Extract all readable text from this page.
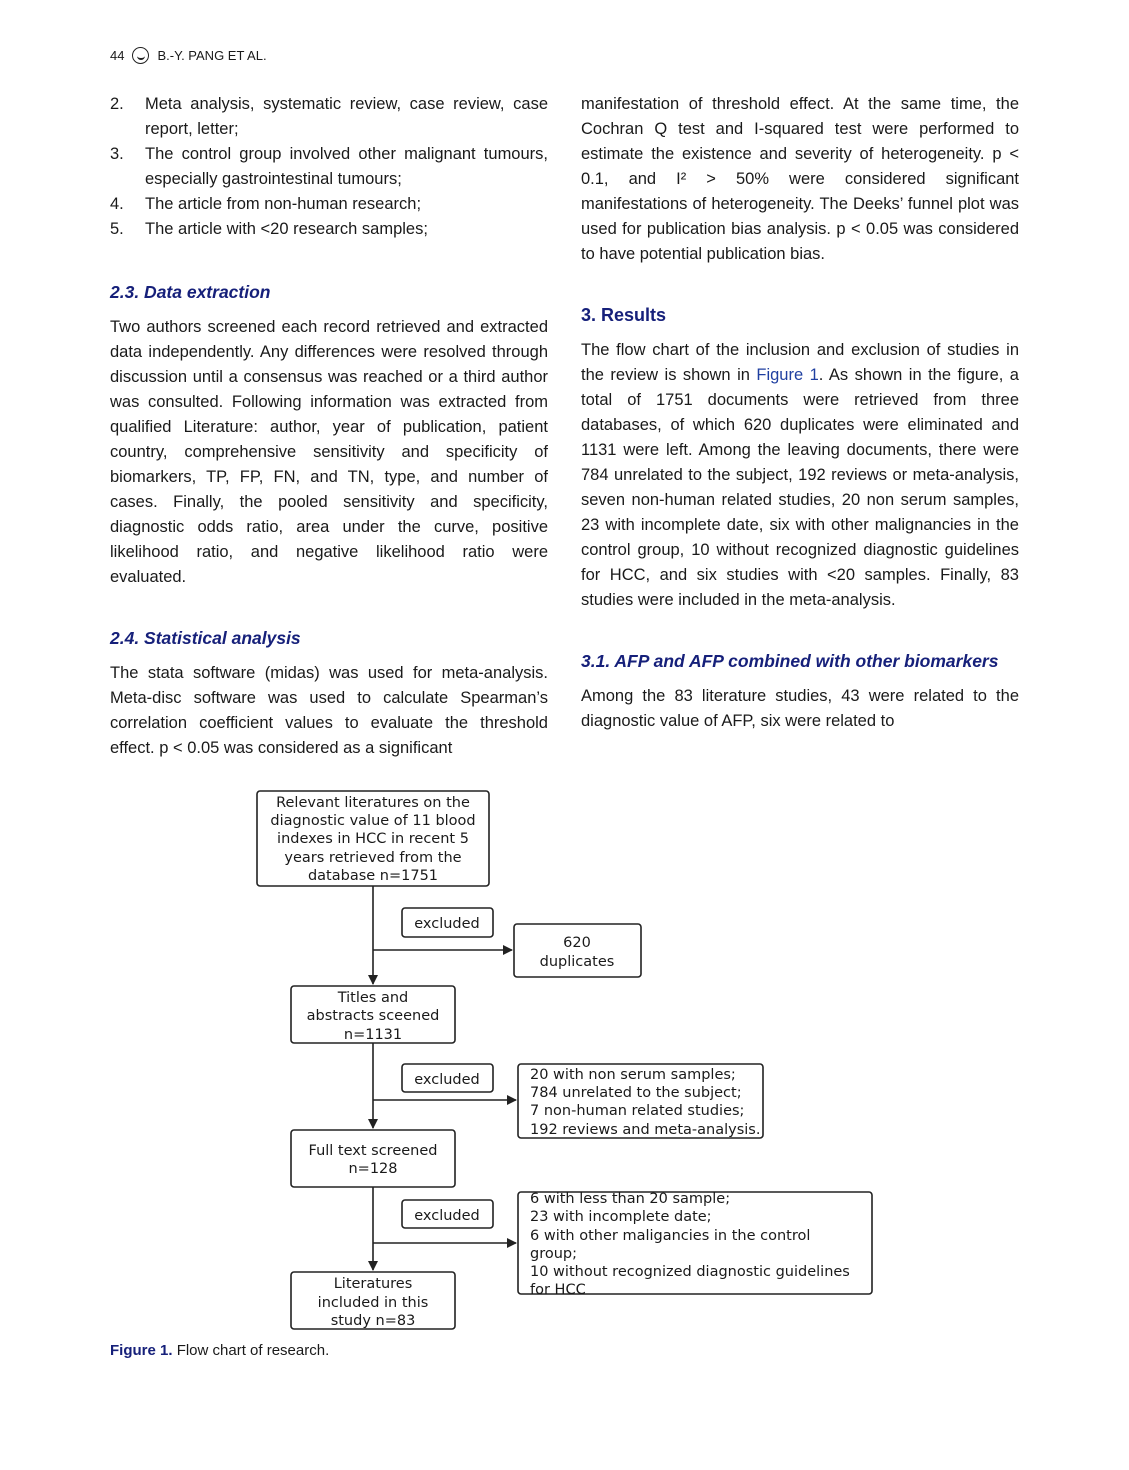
44	B.-Y. PANG ET AL.
2.	Meta analysis, systematic review, case review, case report, letter;
3.	The control group involved other malignant tumours, especially gastrointestinal tumours;
4.	The article from non-human research;
5.	The article with <20 research samples;
2.3. Data extraction

Two authors screened each record retrieved and extracted data independently. Any differences were resolved through discussion until a consensus was reached or a third author was consulted. Following information was extracted from qualified Literature: author, year of publication, patient country, comprehensive sensitivity and specificity of biomarkers, TP, FP, FN, and TN, type, and number of cases. Finally, the pooled sensitivity and specificity, diagnostic odds ratio, area under the curve, positive likelihood ratio, and negative likelihood ratio were evaluated.

2.4. Statistical analysis

The stata software (midas) was used for meta-analysis. Meta-disc software was used to calculate Spearman’s correlation coefficient values to evaluate the threshold effect. p < 0.05 was considered as a significant

manifestation of threshold effect. At the same time, the Cochran Q test and I-squared test were performed to estimate the existence and severity of heterogeneity. p < 0.1, and I² > 50% were considered significant manifestations of heterogeneity. The Deeks’ funnel plot was used for publication bias analysis. p < 0.05 was considered to have potential publication bias.

3. Results

The flow chart of the inclusion and exclusion of studies in the review is shown in Figure 1. As shown in the figure, a total of 1751 documents were retrieved from three databases, of which 620 duplicates were eliminated and 1131 were left. Among the leaving documents, there were 784 unrelated to the subject, 192 reviews or meta-analysis, seven non-human related studies, 20 non serum samples, 23 with incomplete date, six with other malignancies in the control group, 10 without recognized diagnostic guidelines for HCC, and six studies with <20 samples. Finally, 83 studies were included in the meta-analysis.

3.1. AFP and AFP combined with other biomarkers

Among the 83 literature studies, 43 were related to the diagnostic value of AFP, six were related to

Relevant literatures on the
diagnostic value of 11 blood
indexes in HCC in recent 5
years retrieved from the
database n=1751
excluded
620
duplicates
Titles and
abstracts sceened
n=1131
excluded	20 with non serum samples;
784 unrelated to the subject;
7 non-human related studies;
192 reviews and meta-analysis.
Full text screened
n=128
excluded
6 with less than 20 sample;
23 with incomplete date;
6 with other maligancies in the control
group;
10 without recognized diagnostic guidelines
for HCC
Literatures
included in this
study n=83
Figure 1. Flow chart of research.
